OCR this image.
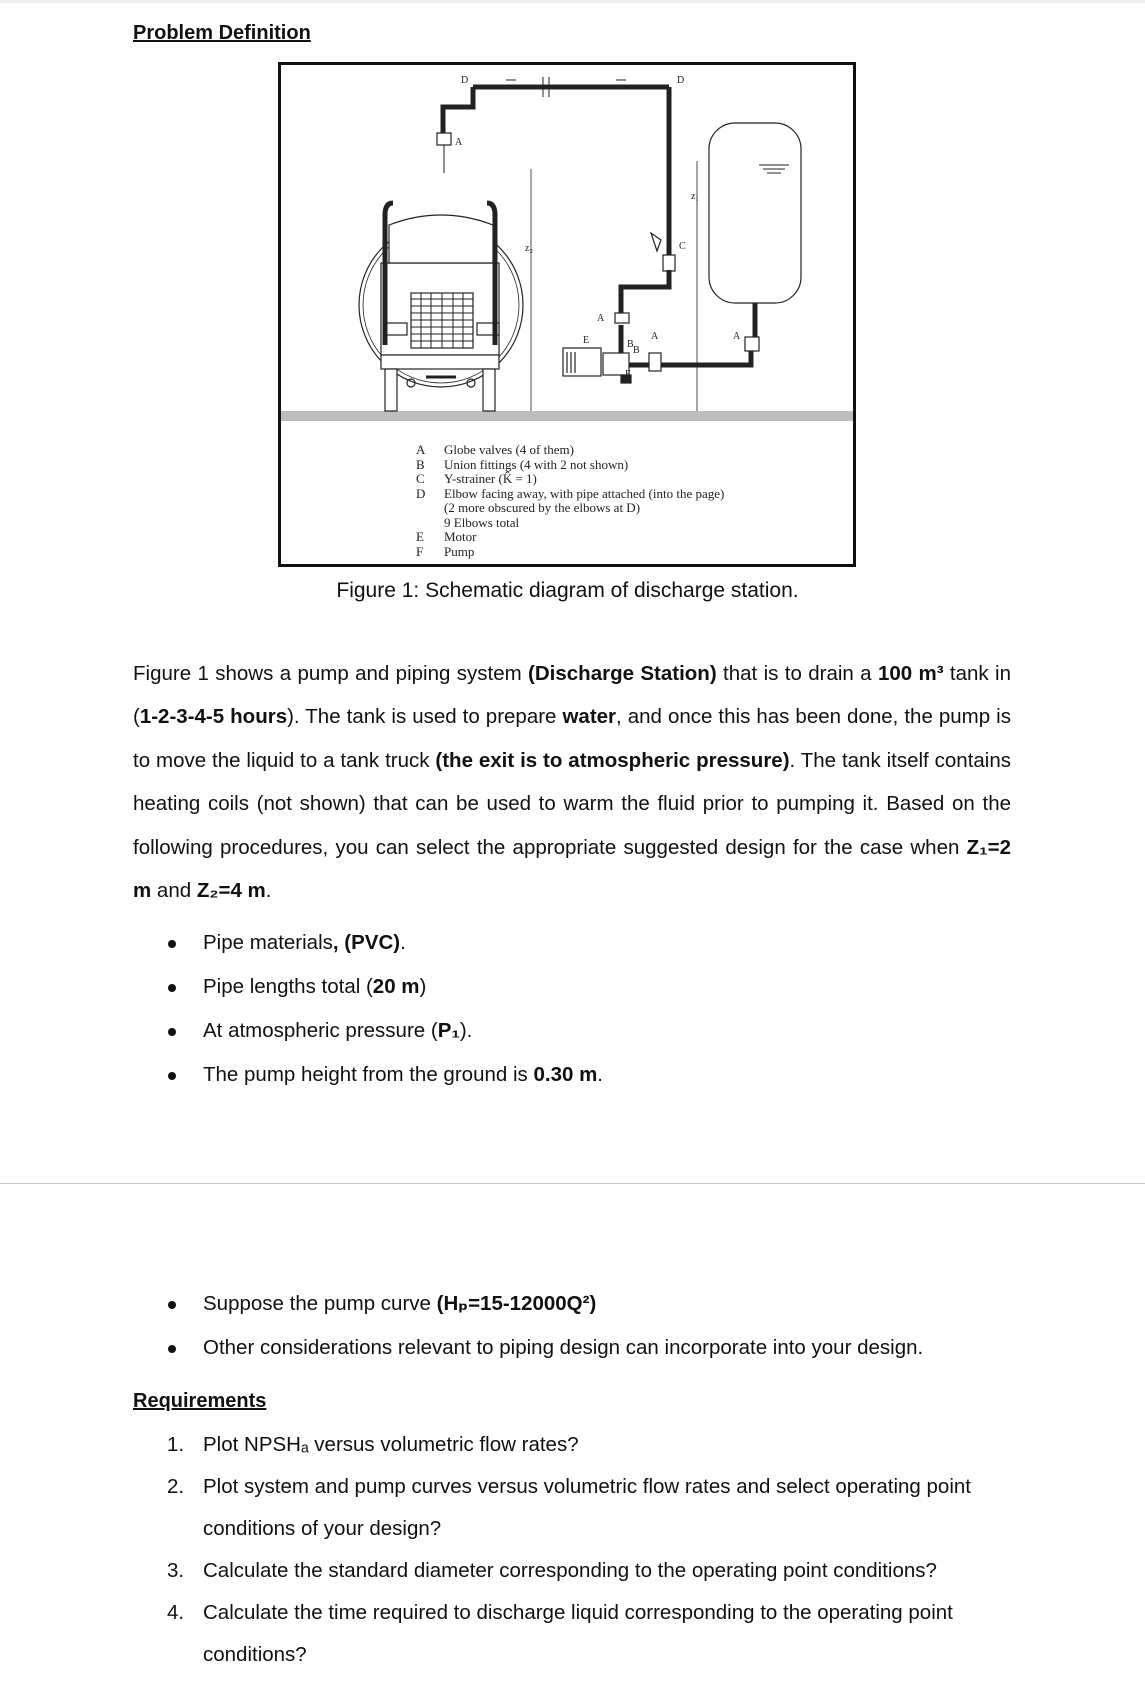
Problem Definition
D	D
A
z₂
z₁
C
A
E	B
B
A
F
A
A	Globe valves (4 of them)
B	Union fittings (4 with 2 not shown)
C	Y-strainer (K̂ = 1)
D	Elbow facing away, with pipe attached (into the page)
(2 more obscured by the elbows at D)
9 Elbows total
E	Motor
F	Pump
Figure 1: Schematic diagram of discharge station.
Figure 1 shows a pump and piping system (Discharge Station) that is to drain a 100 m³ tank in (1-2-3-4-5 hours). The tank is used to prepare water, and once this has been done, the pump is to move the liquid to a tank truck (the exit is to atmospheric pressure). The tank itself contains heating coils (not shown) that can be used to warm the fluid prior to pumping it. Based on the following procedures, you can select the appropriate suggested design for the case when Z₁=2 m and Z₂=4 m.
Pipe materials, (PVC).
Pipe lengths total (20 m)
At atmospheric pressure (P₁).
The pump height from the ground is 0.30 m.
Suppose the pump curve (Hₚ=15-12000Q²)
Other considerations relevant to piping design can incorporate into your design.
Requirements
1. Plot NPSHₐ versus volumetric flow rates?
2. Plot system and pump curves versus volumetric flow rates and select operating point conditions of your design?
3. Calculate the standard diameter corresponding to the operating point conditions?
4. Calculate the time required to discharge liquid corresponding to the operating point conditions?
